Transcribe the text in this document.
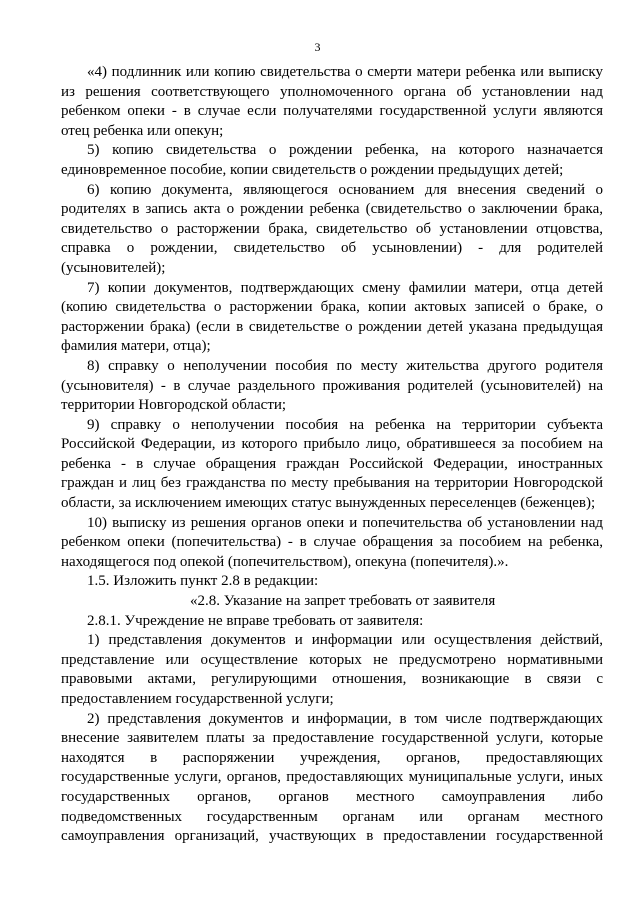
3
«4) подлинник или копию свидетельства о смерти матери ребенка или выписку
из решения соответствующего уполномоченного органа об установлении над
ребенком опеки - в случае если получателями государственной услуги являются
отец ребенка или опекун;
5) копию свидетельства о рождении ребенка, на которого назначается
единовременное пособие, копии свидетельств о рождении предыдущих детей;
6) копию документа, являющегося основанием для внесения сведений о
родителях в запись акта о рождении ребенка (свидетельство о заключении брака,
свидетельство о расторжении брака, свидетельство об установлении отцовства,
справка о рождении, свидетельство об усыновлении) - для родителей
(усыновителей);
7) копии документов, подтверждающих смену фамилии матери, отца детей
(копию свидетельства о расторжении брака, копии актовых записей о браке, о
расторжении брака) (если в свидетельстве о рождении детей указана предыдущая
фамилия матери, отца);
8) справку о неполучении пособия по месту жительства другого родителя
(усыновителя) - в случае раздельного проживания родителей (усыновителей) на
территории Новгородской области;
9) справку о неполучении пособия на ребенка на территории субъекта
Российской Федерации, из которого прибыло лицо, обратившееся за пособием на
ребенка - в случае обращения граждан Российской Федерации, иностранных
граждан и лиц без гражданства по месту пребывания на территории Новгородской
области, за исключением имеющих статус вынужденных переселенцев (беженцев);
10) выписку из решения органов опеки и попечительства об установлении над
ребенком опеки (попечительства) - в случае обращения за пособием на ребенка,
находящегося под опекой (попечительством), опекуна (попечителя).».
1.5. Изложить пункт 2.8 в редакции:
«2.8. Указание на запрет требовать от заявителя
2.8.1. Учреждение не вправе требовать от заявителя:
1) представления документов и информации или осуществления действий,
представление или осуществление которых не предусмотрено нормативными
правовыми актами, регулирующими отношения, возникающие в связи с
предоставлением государственной услуги;
2) представления документов и информации, в том числе подтверждающих
внесение заявителем платы за предоставление государственной услуги, которые
находятся в распоряжении учреждения, органов, предоставляющих
государственные услуги, органов, предоставляющих муниципальные услуги, иных
государственных органов, органов местного самоуправления либо
подведомственных государственным органам или органам местного
самоуправления организаций, участвующих в предоставлении государственной
